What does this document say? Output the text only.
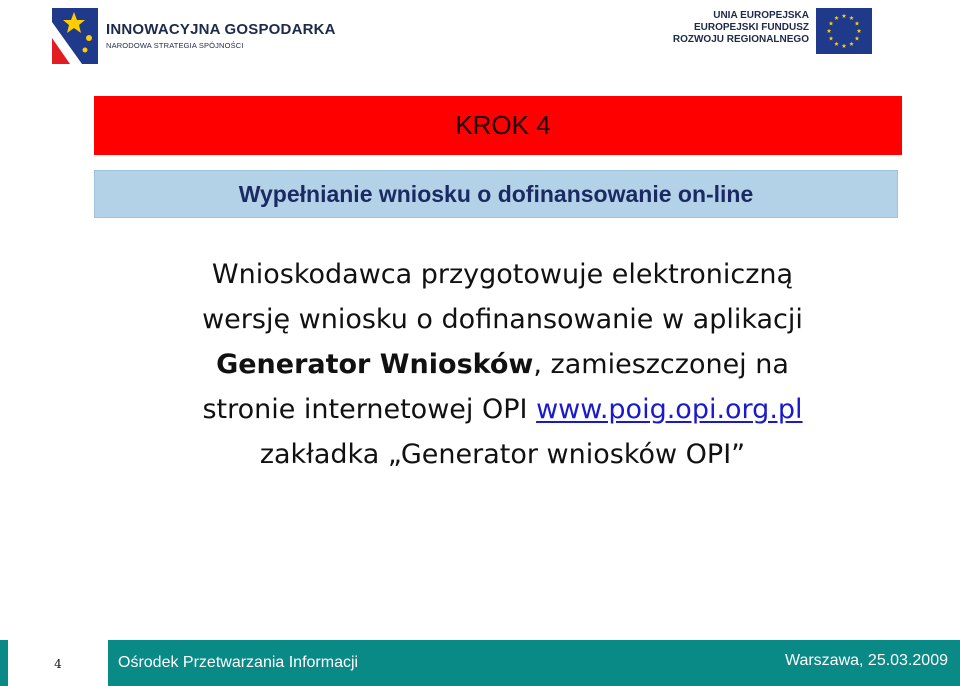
INNOWACYJNA GOSPODARKA
NARODOWA STRATEGIA SPÓJNOŚCI
UNIA EUROPEJSKA
EUROPEJSKI FUNDUSZ
ROZWOJU REGIONALNEGO
KROK 4
Wypełnianie wniosku o dofinansowanie on-line

Wnioskodawca przygotowuje elektroniczną

wersję wniosku o dofinansowanie w aplikacji

Generator Wniosków, zamieszczonej na

stronie internetowej OPI www.poig.opi.org.pl

zakładka „Generator wniosków OPI”

4	Ośrodek Przetwarzania Informacji	Warszawa, 25.03.2009
